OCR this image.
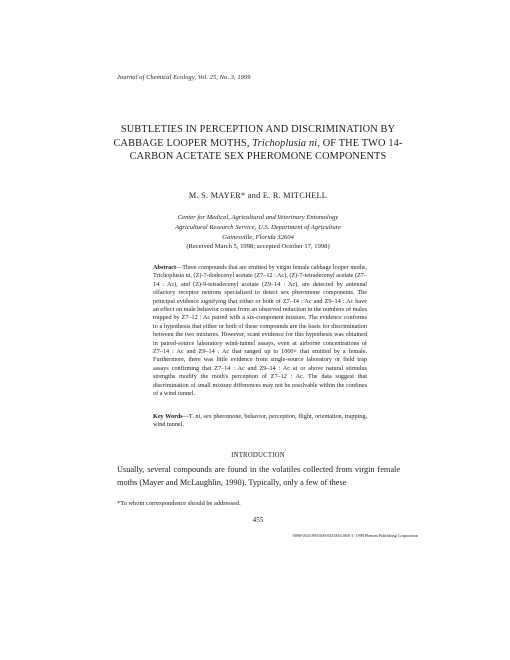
Journal of Chemical Ecology, Vol. 25, No. 3, 1999
SUBTLETIES IN PERCEPTION AND DISCRIMINATION BY CABBAGE LOOPER MOTHS, Trichoplusia ni, OF THE TWO 14-CARBON ACETATE SEX PHEROMONE COMPONENTS
M. S. MAYER* and E. R. MITCHELL
Center for Medical, Agricultural and Veterinary Entomology
Agricultural Research Service, U.S. Department of Agriculture
Gainesville, Florida 32604
(Received March 5, 1998; accepted October 17, 1998)
Abstract—Three compounds that are emitted by virgin female cabbage looper moths, Trichoplusia ni, (Z)-7-dodecenyl acetate (Z7–12 : Ac), (Z)-7-tetradecenyl acetate (Z7–14 : Ac), and (Z)-9-tetradecenyl acetate (Z9–14 : Ac), are detected by antennal olfactory receptor neurons specialized to detect sex pheromone components. The principal evidence signifying that either or both of Z7–14 : Ac and Z9–14 : Ac have an effect on male behavior comes from an observed reduction in the numbers of males trapped by Z7–12 : Ac paired with a six-component mixture. The evidence conforms to a hypothesis that either or both of these compounds are the basis for discrimination between the two mixtures. However, scant evidence for this hypothesis was obtained in paired-source laboratory wind-tunnel assays, even at airborne concentrations of Z7–14 : Ac and Z9–14 : Ac that ranged up to 1000× that emitted by a female. Furthermore, there was little evidence from single-source laboratory or field trap assays confirming that Z7–14 : Ac and Z9–14 : Ac at or above natural stimulus strengths modify the moth's perception of Z7–12 : Ac. The data suggest that discrimination of small mixture differences may not be resolvable within the confines of a wind tunnel.
Key Words—T. ni, sex pheromone, behavior, perception, flight, orientation, trapping, wind tunnel.
INTRODUCTION
Usually, several compounds are found in the volatiles collected from virgin female moths (Mayer and McLaughlin, 1990). Typically, only a few of these
*To whom correspondence should be addressed.
455
0098-0331/99/0300-0455$16.00/0 © 1999 Plenum Publishing Corporation
